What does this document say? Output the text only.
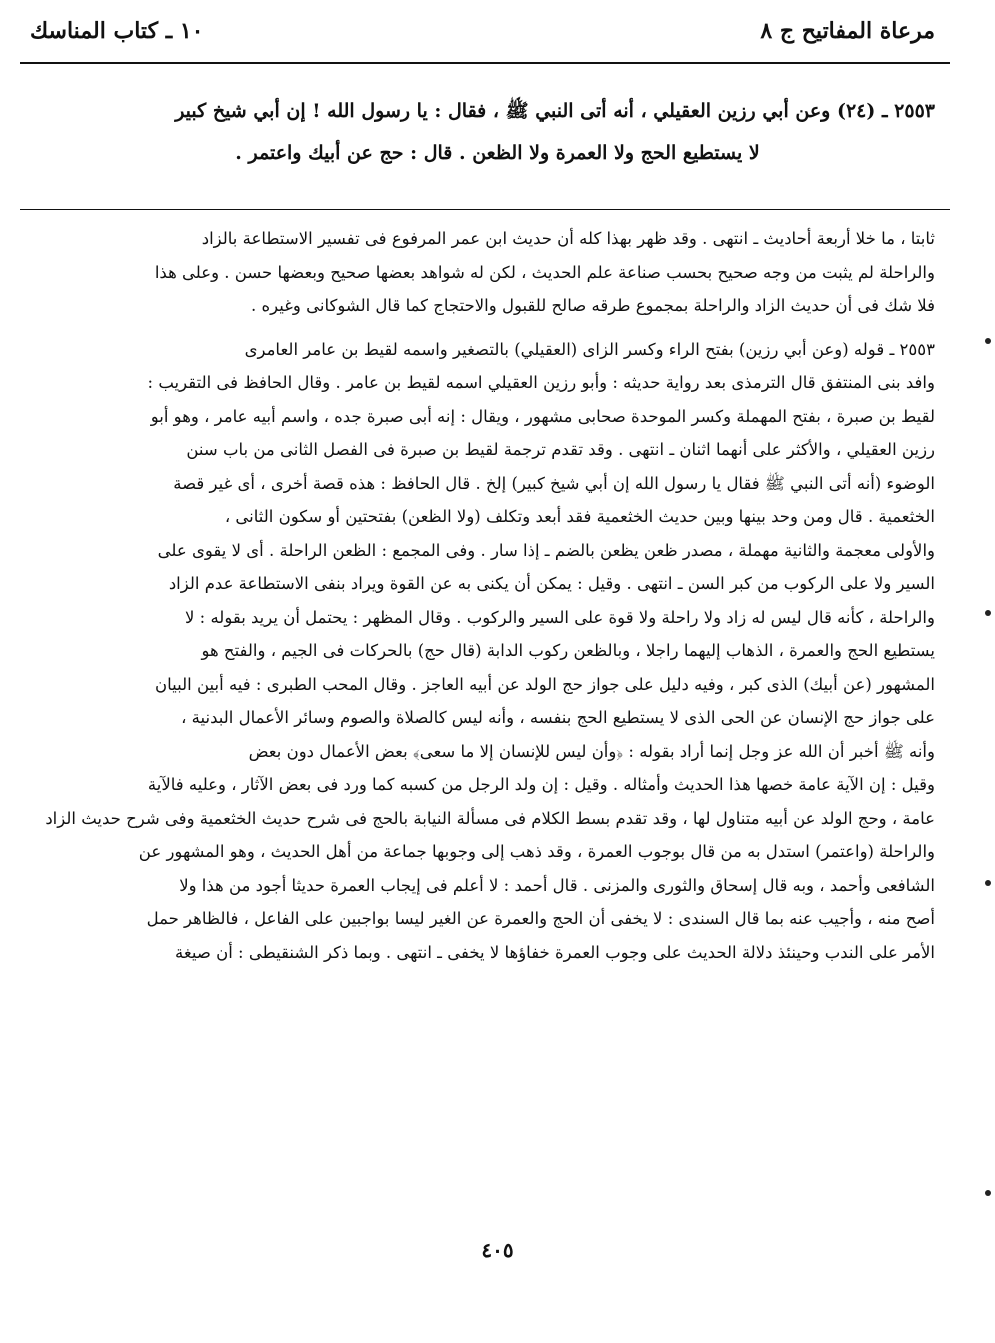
مرعاة المفاتيح ج ٨
١٠ ـ كتاب المناسك
٢٥٥٣ ـ (٢٤) وعن أبي رزين العقيلي ، أنه أتى النبي ﷺ ، فقال : يا رسول الله ! إن أبي شيخ كبير
لا يستطيع الحج ولا العمرة ولا الظعن . قال : حج عن أبيك واعتمر .
ثابتا ، ما خلا أربعة أحاديث ـ انتهى . وقد ظهر بهذا كله أن حديث ابن عمر المرفوع فى تفسير الاستطاعة بالزاد
والراحلة لم يثبت من وجه صحيح بحسب صناعة علم الحديث ، لكن له شواهد بعضها صحيح وبعضها حسن . وعلى هذا
فلا شك فى أن حديث الزاد والراحلة بمجموع طرقه صالح للقبول والاحتجاج كما قال الشوكانى وغيره .
٢٥٥٣ ـ قوله (وعن أبي رزين) بفتح الراء وكسر الزاى (العقيلي) بالتصغير واسمه لقيط بن عامر العامرى
وافد بنى المنتفق قال الترمذى بعد رواية حديثه : وأبو رزين العقيلي اسمه لقيط بن عامر . وقال الحافظ فى التقريب :
لقيط بن صبرة ، بفتح المهملة وكسر الموحدة صحابى مشهور ، ويقال : إنه أبى صبرة جده ، واسم أبيه عامر ، وهو أبو
رزين العقيلي ، والأكثر على أنهما اثنان ـ انتهى . وقد تقدم ترجمة لقيط بن صبرة فى الفصل الثانى من باب سنن
الوضوء (أنه أتى النبي ﷺ فقال يا رسول الله إن أبي شيخ كبير) إلخ . قال الحافظ : هذه قصة أخرى ، أى غير قصة
الخثعمية . قال ومن وحد بينها وبين حديث الخثعمية فقد أبعد وتكلف (ولا الظعن) بفتحتين أو سكون الثانى ،
والأولى معجمة والثانية مهملة ، مصدر ظعن يظعن بالضم ـ إذا سار . وفى المجمع : الظعن الراحلة . أى لا يقوى على
السير ولا على الركوب من كبر السن ـ انتهى . وقيل : يمكن أن يكنى به عن القوة ويراد بنفى الاستطاعة عدم الزاد
والراحلة ، كأنه قال ليس له زاد ولا راحلة ولا قوة على السير والركوب . وقال المظهر : يحتمل أن يريد بقوله : لا
يستطيع الحج والعمرة ، الذهاب إليهما راجلا ، وبالظعن ركوب الدابة (قال حج) بالحركات فى الجيم ، والفتح هو
المشهور (عن أبيك) الذى كبر ، وفيه دليل على جواز حج الولد عن أبيه العاجز . وقال المحب الطبرى : فيه أبين البيان
على جواز حج الإنسان عن الحى الذى لا يستطيع الحج بنفسه ، وأنه ليس كالصلاة والصوم وسائر الأعمال البدنية ،
وأنه ﷺ أخبر أن الله عز وجل إنما أراد بقوله : ﴿وأن ليس للإنسان إلا ما سعى﴾ بعض الأعمال دون بعض
وقيل : إن الآية عامة خصها هذا الحديث وأمثاله . وقيل : إن ولد الرجل من كسبه كما ورد فى بعض الآثار ، وعليه فالآية
عامة ، وحج الولد عن أبيه متناول لها ، وقد تقدم بسط الكلام فى مسألة النيابة بالحج فى شرح حديث الخثعمية وفى شرح حديث الزاد
والراحلة (واعتمر) استدل به من قال بوجوب العمرة ، وقد ذهب إلى وجوبها جماعة من أهل الحديث ، وهو المشهور عن
الشافعى وأحمد ، وبه قال إسحاق والثورى والمزنى . قال أحمد : لا أعلم فى إيجاب العمرة حديثا أجود من هذا ولا
أصح منه ، وأجيب عنه بما قال السندى : لا يخفى أن الحج والعمرة عن الغير ليسا بواجبين على الفاعل ، فالظاهر حمل
الأمر على الندب وحينئذ دلالة الحديث على وجوب العمرة خفاؤها لا يخفى ـ انتهى . وبما ذكر الشنقيطى : أن صيغة
٤٠٥
